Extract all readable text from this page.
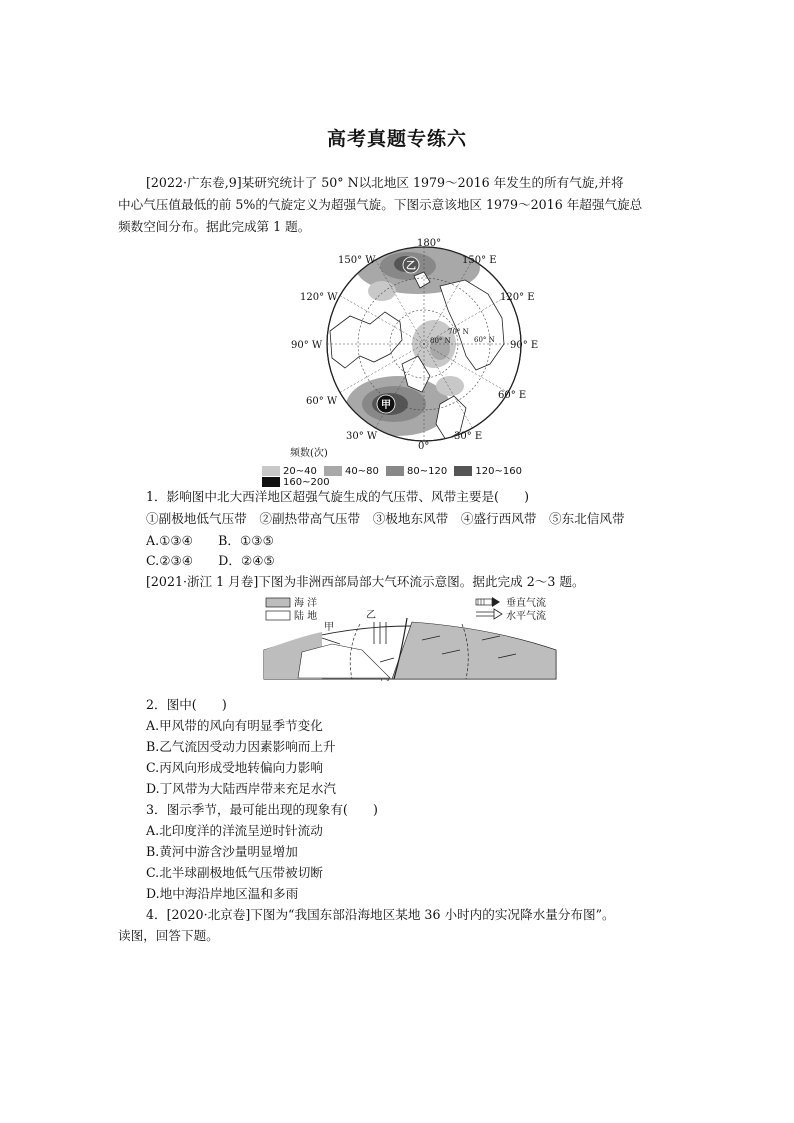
高考真题专练六
[2022·广东卷,9]某研究统计了 50° N以北地区 1979～2016 年发生的所有气旋,并将
中心气压值最低的前 5%的气旋定义为超强气旋。下图示意该地区 1979～2016 年超强气旋总
频数空间分布。据此完成第 1 题。
180°
150° W	150° E
120° W	120° E
90° W	90° E
60° W
60° E
30° W	30° E
0°
频数(次)
70° N
80° N	60° N
乙
甲
20~40	40~80	80~120	120~160 160~200
1．影响图中北大西洋地区超强气旋生成的气压带、风带主要是(　　)
①副极地低气压带　②副热带高气压带　③极地东风带　④盛行西风带　⑤东北信风带
A.①③④　　B．①③⑤
C.②③④　　D．②④⑤
[2021·浙江 1 月卷]下图为非洲西部局部大气环流示意图。据此完成 2～3 题。
海 洋
陆 地
垂直气流
水平气流
甲
乙
2．图中(　　)
A.甲风带的风向有明显季节变化
B.乙气流因受动力因素影响而上升
C.丙风向形成受地转偏向力影响
D.丁风带为大陆西岸带来充足水汽
3．图示季节，最可能出现的现象有(　　)
A.北印度洋的洋流呈逆时针流动
B.黄河中游含沙量明显增加
C.北半球副极地低气压带被切断
D.地中海沿岸地区温和多雨
4．[2020·北京卷]下图为“我国东部沿海地区某地 36 小时内的实况降水量分布图”。
读图，回答下题。
